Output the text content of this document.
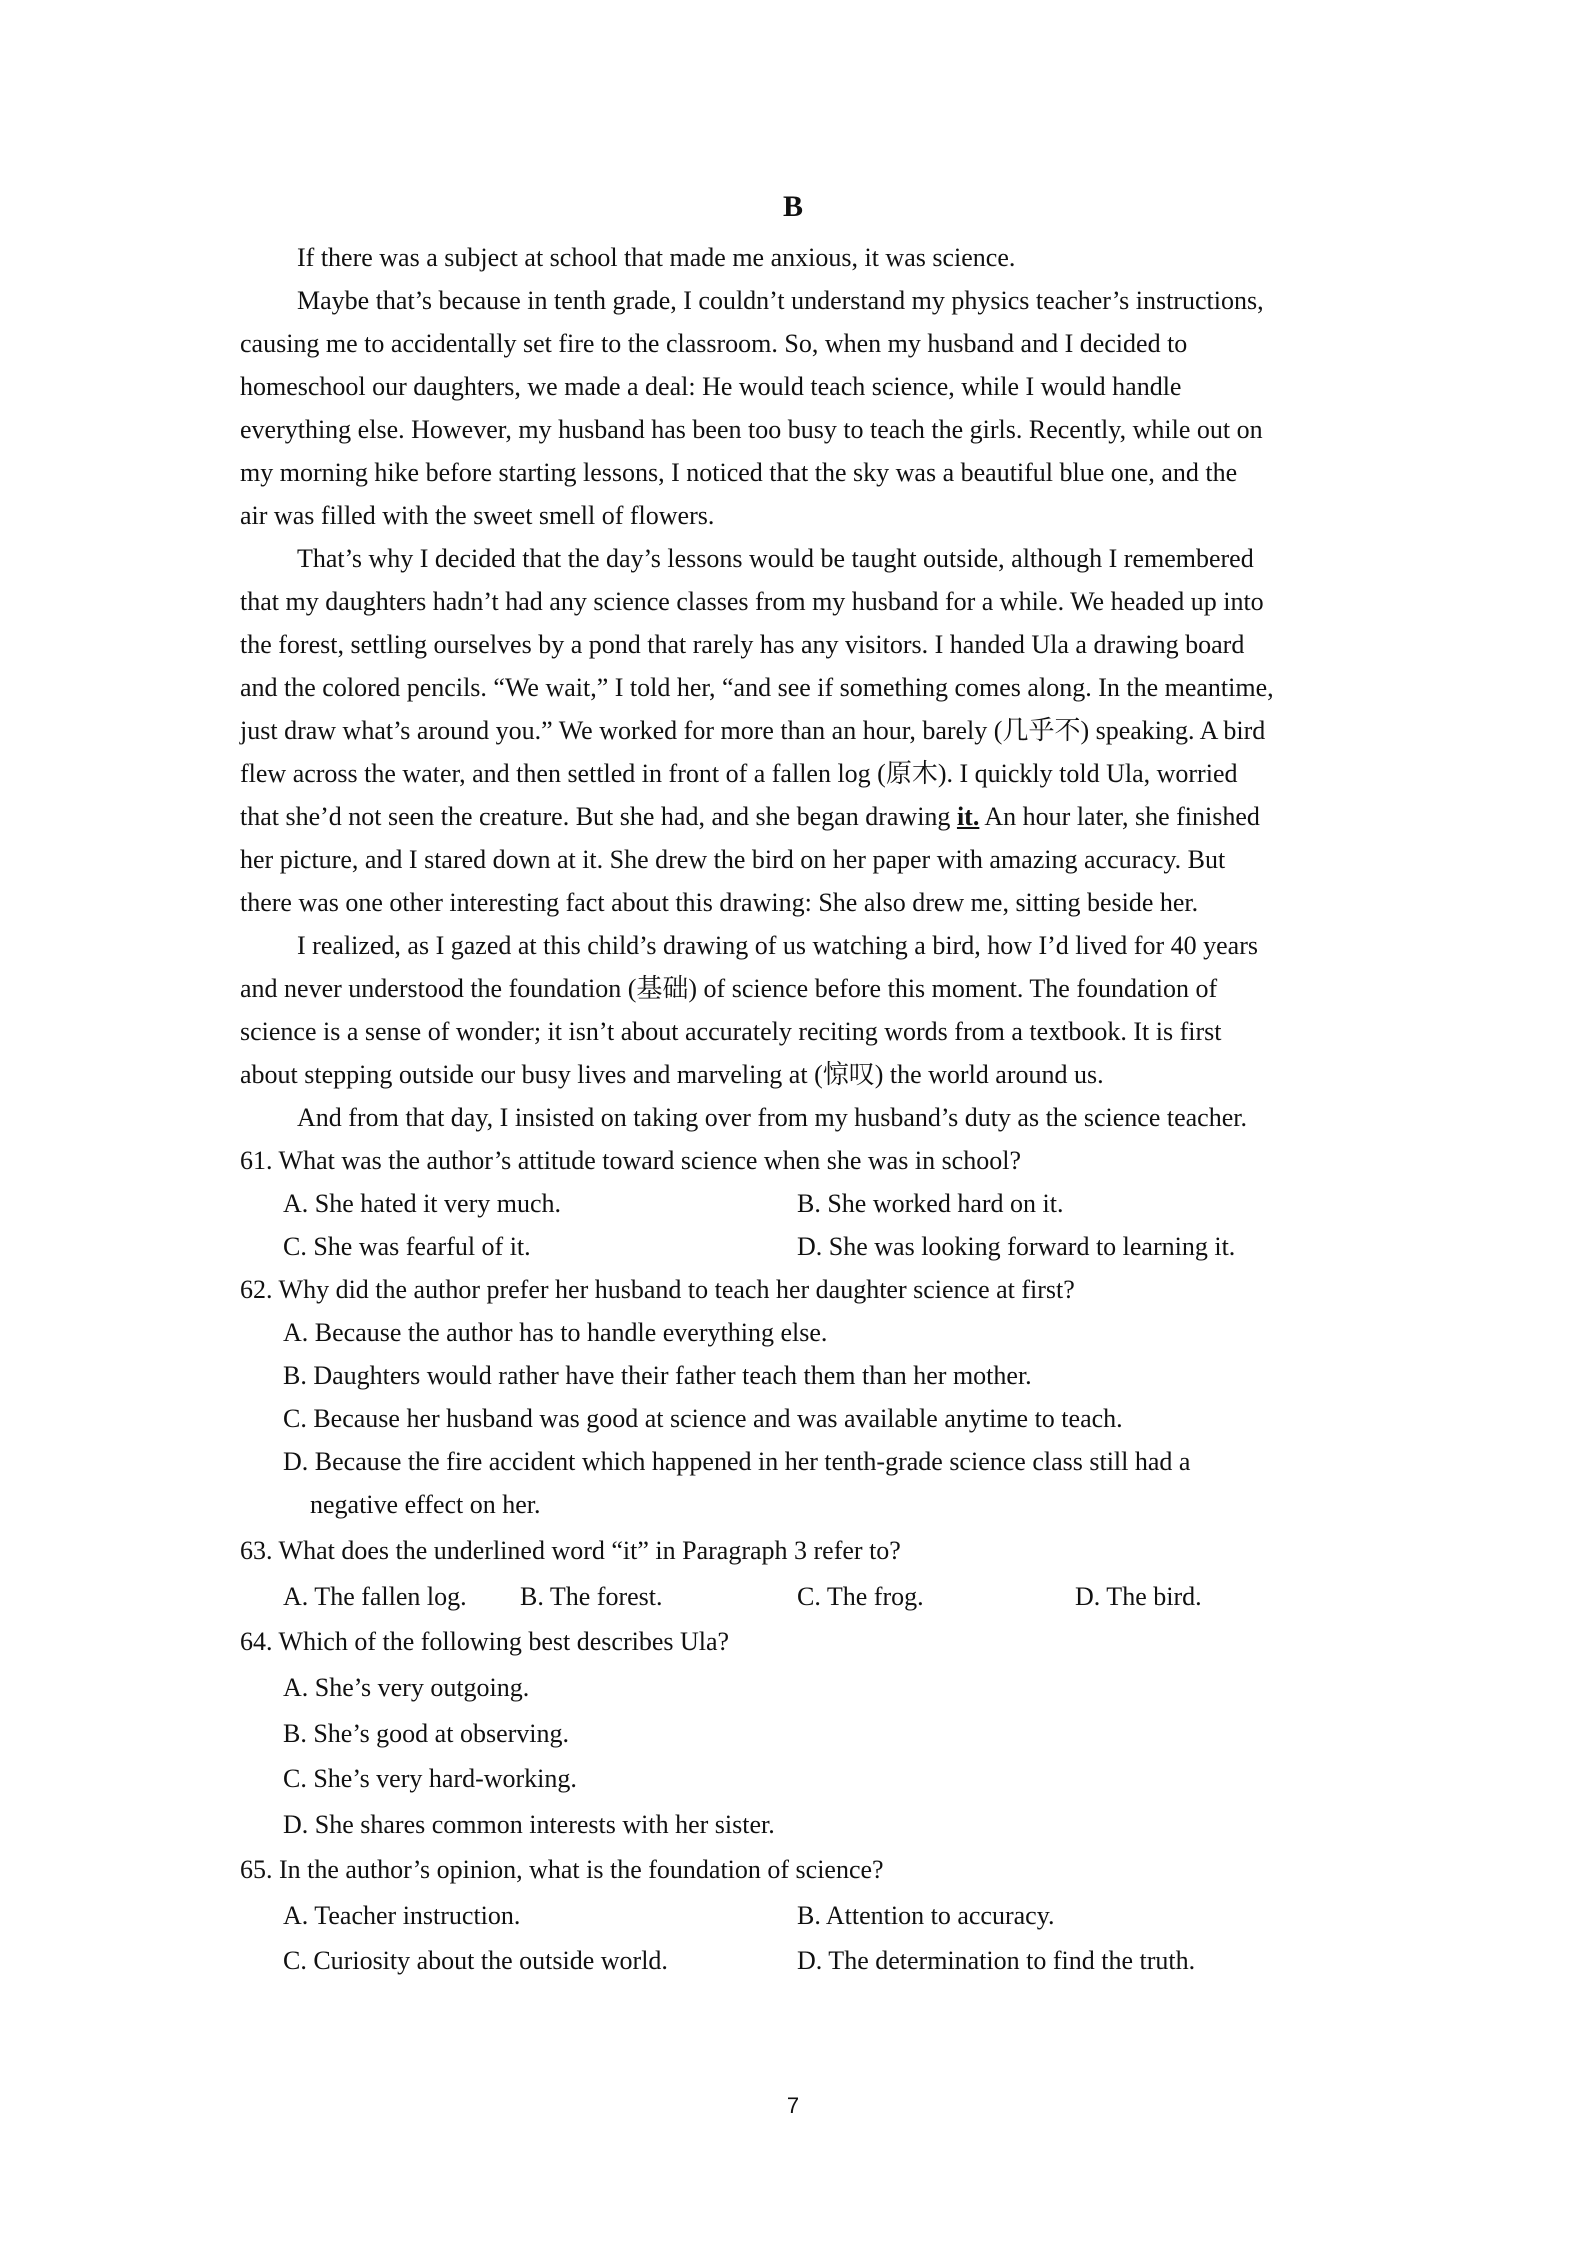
B
If there was a subject at school that made me anxious, it was science.
Maybe that’s because in tenth grade, I couldn’t understand my physics teacher’s instructions,
causing me to accidentally set fire to the classroom. So, when my husband and I decided to
homeschool our daughters, we made a deal: He would teach science, while I would handle
everything else. However, my husband has been too busy to teach the girls. Recently, while out on
my morning hike before starting lessons, I noticed that the sky was a beautiful blue one, and the
air was filled with the sweet smell of flowers.
That’s why I decided that the day’s lessons would be taught outside, although I remembered
that my daughters hadn’t had any science classes from my husband for a while. We headed up into
the forest, settling ourselves by a pond that rarely has any visitors. I handed Ula a drawing board
and the colored pencils. “We wait,” I told her, “and see if something comes along. In the meantime,
just draw what’s around you.” We worked for more than an hour, barely (几乎不) speaking. A bird
flew across the water, and then settled in front of a fallen log (原木). I quickly told Ula, worried
that she’d not seen the creature. But she had, and she began drawing it. An hour later, she finished
her picture, and I stared down at it. She drew the bird on her paper with amazing accuracy. But
there was one other interesting fact about this drawing: She also drew me, sitting beside her.
I realized, as I gazed at this child’s drawing of us watching a bird, how I’d lived for 40 years
and never understood the foundation (基础) of science before this moment. The foundation of
science is a sense of wonder; it isn’t about accurately reciting words from a textbook. It is first
about stepping outside our busy lives and marveling at (惊叹) the world around us.
And from that day, I insisted on taking over from my husband’s duty as the science teacher.
61. What was the author’s attitude toward science when she was in school?
A. She hated it very much.	B. She worked hard on it.
C. She was fearful of it.	D. She was looking forward to learning it.
62. Why did the author prefer her husband to teach her daughter science at first?
A. Because the author has to handle everything else.
B. Daughters would rather have their father teach them than her mother.
C. Because her husband was good at science and was available anytime to teach.
D. Because the fire accident which happened in her tenth-grade science class still had a
negative effect on her.
63. What does the underlined word “it” in Paragraph 3 refer to?
A. The fallen log. B. The forest.	C. The frog.	D. The bird.
64. Which of the following best describes Ula?
A. She’s very outgoing.
B. She’s good at observing.
C. She’s very hard-working.
D. She shares common interests with her sister.
65. In the author’s opinion, what is the foundation of science?
A. Teacher instruction.	B. Attention to accuracy.
C. Curiosity about the outside world.	D. The determination to find the truth.
7
